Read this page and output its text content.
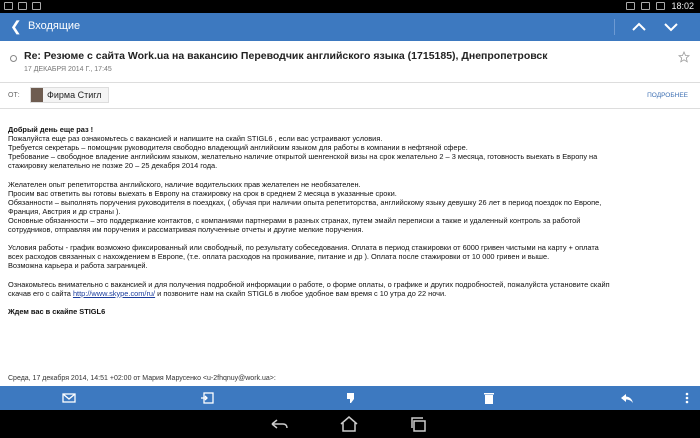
18:02
❮ Входящие
Re: Резюме с сайта Work.ua на вакансию Переводчик английского языка (1715185), Днепропетровск
17 ДЕКАБРЯ 2014 Г., 17:45
ОТ:	Фирма Стигл	ПОДРОБНЕЕ
Добрый день еще раз !
Пожалуйста еще раз ознакомьтесь с вакансией и напишите на скайп STIGL6 , если вас устраивают условия.
Требуется секретарь – помощник руководителя свободно владеющий английским языком для работы в компании в нефтяной сфере.
Требование – свободное владение английским языком, желательно наличие открытой шенгенской визы на срок желательно 2 – 3 месяца, готовность выехать в Европу на
стажировку желательно не позже 20 – 25 декабря 2014 года.
Желателен опыт репетиторства английского, наличие водительских прав желателен не необязателен.
Просим вас ответить вы готовы выехать в Европу на стажировку на срок в среднем 2 месяца в указанные сроки.
Обязанности – выполнять поручения руководителя в поездках, ( обучая при наличии опыта репетиторства, английскому языку девушку 26 лет в период поездок по Европе,
Франция, Австрия и др страны ).
Основные обязанности – это поддержание контактов, с компаниями партнерами в разных странах, путем эмайл переписки а также и удаленный контроль за работой
сотрудников, отправляя им поручения и рассматривая полученные отчеты и другие мелкие поручения.
Условия работы - график возможно фиксированный или свободный, по результату собеседования. Оплата в период стажировки от 6000 гривен чистыми на карту + оплата
всех расходов связанных с нахождением в Европе, (т.е. оплата расходов на проживание, питание и др ). Оплата после стажировки от 10 000 гривен и выше.
Возможна карьера и работа заграницей.
Ознакомьтесь внимательно с вакансией и для получения подробной информации о работе, о форме оплаты, о графике и других подробностей, пожалуйста установите скайп
скачав его с сайта http://www.skype.com/ru/ и позвоните нам на скайп STIGL6 в любое удобное вам время с 10 утра до 22 ночи.
Ждем вас в скайпе STIGL6
Среда, 17 декабря 2014, 14:51 +02:00 от Мария Марусенко <u-2fhqnuy@work.ua>:
